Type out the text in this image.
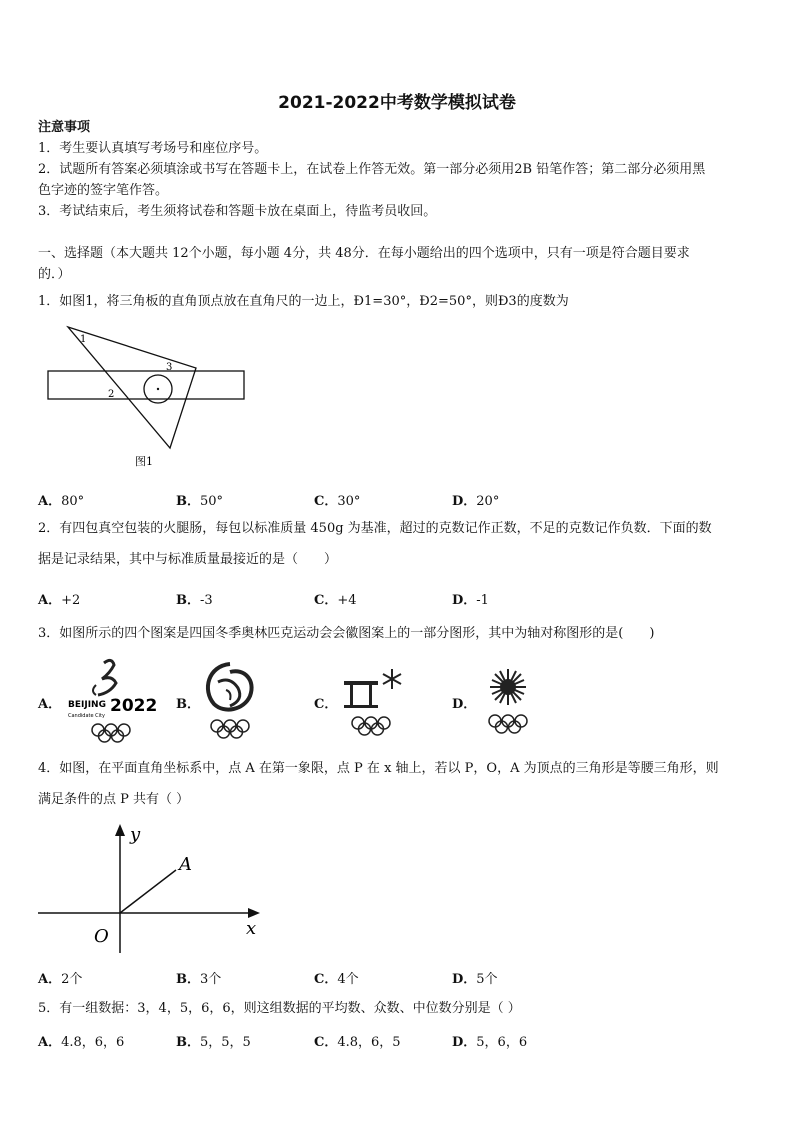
2021-2022中考数学模拟试卷
注意事项
1．考生要认真填写考场号和座位序号。
2．试题所有答案必须填涂或书写在答题卡上，在试卷上作答无效。第一部分必须用2B 铅笔作答；第二部分必须用黑
色字迹的签字笔作答。
3．考试结束后，考生须将试卷和答题卡放在桌面上，待监考员收回。
一、选择题（本大题共 12个小题，每小题 4分，共 48分．在每小题给出的四个选项中，只有一项是符合题目要求
的．）
1．如图1，将三角板的直角顶点放在直角尺的一边上，Ð1=30°，Ð2=50°，则Ð3的度数为
1
2
3
图1
A．80°	B．50°	C．30°	D．20°
2．有四包真空包装的火腿肠，每包以标准质量 450g 为基准，超过的克数记作正数，不足的克数记作负数．下面的数
据是记录结果，其中与标准质量最接近的是（　　）
A．+2	B．-3	C．+4	D．-1
3．如图所示的四个图案是四国冬季奥林匹克运动会会徽图案上的一部分图形，其中为轴对称图形的是(　　)
A． BEIJING 2022
Candidate City
B．	C．	D．
4．如图，在平面直角坐标系中，点 A 在第一象限，点 P 在 x 轴上，若以 P，O，A 为顶点的三角形是等腰三角形，则
满足条件的点 P 共有（ ）
y
x
O
A
A．2个	B．3个	C．4个	D．5个
5．有一组数据：3，4，5，6，6，则这组数据的平均数、众数、中位数分别是（ ）
A．4.8，6，6	B．5，5，5	C．4.8，6，5	D．5，6，6
